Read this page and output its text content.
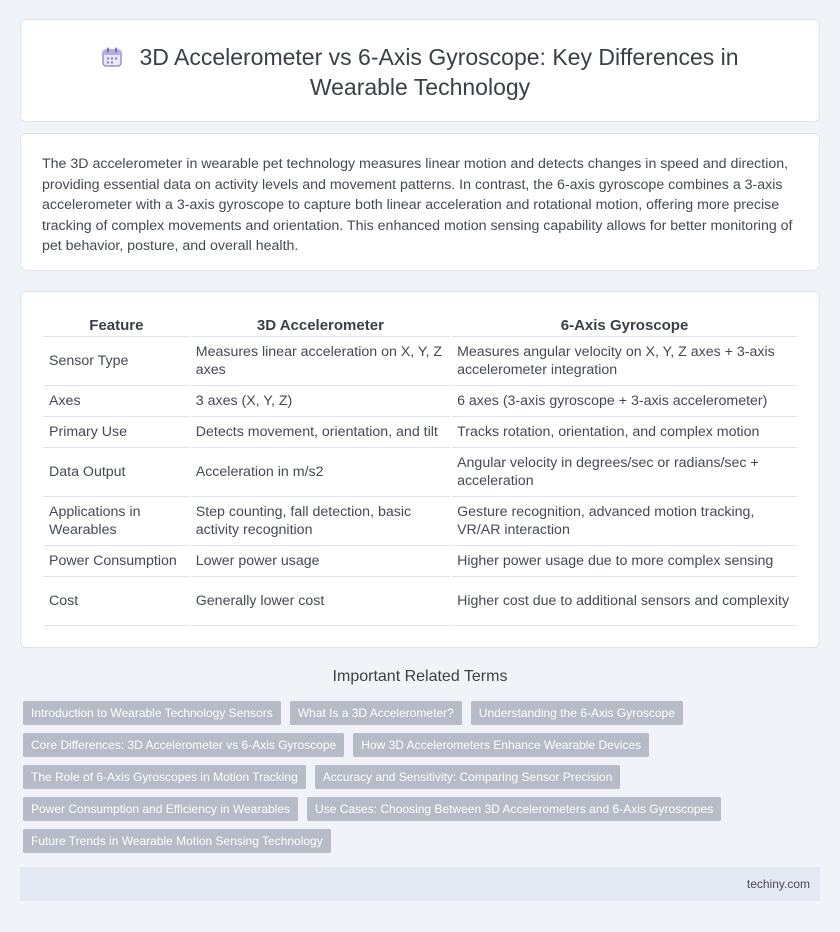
3D Accelerometer vs 6-Axis Gyroscope: Key Differences in Wearable Technology

The 3D accelerometer in wearable pet technology measures linear motion and detects changes in speed and direction, providing essential data on activity levels and movement patterns. In contrast, the 6-axis gyroscope combines a 3-axis accelerometer with a 3-axis gyroscope to capture both linear acceleration and rotational motion, offering more precise tracking of complex movements and orientation. This enhanced motion sensing capability allows for better monitoring of pet behavior, posture, and overall health.

Feature	3D Accelerometer	6-Axis Gyroscope
Sensor Type	Measures linear acceleration on X, Y, Z axes	Measures angular velocity on X, Y, Z axes + 3-axis accelerometer integration
Axes	3 axes (X, Y, Z)	6 axes (3-axis gyroscope + 3-axis accelerometer)
Primary Use	Detects movement, orientation, and tilt	Tracks rotation, orientation, and complex motion
Data Output	Acceleration in m/s2	Angular velocity in degrees/sec or radians/sec + acceleration
Applications in Wearables	Step counting, fall detection, basic activity recognition	Gesture recognition, advanced motion tracking, VR/AR interaction
Power Consumption	Lower power usage	Higher power usage due to more complex sensing
Cost	Generally lower cost	Higher cost due to additional sensors and complexity
Important Related Terms
Introduction to Wearable Technology Sensors	What Is a 3D Accelerometer?	Understanding the 6-Axis Gyroscope
Core Differences: 3D Accelerometer vs 6-Axis Gyroscope	How 3D Accelerometers Enhance Wearable Devices
The Role of 6-Axis Gyroscopes in Motion Tracking	Accuracy and Sensitivity: Comparing Sensor Precision
Power Consumption and Efficiency in Wearables	Use Cases: Choosing Between 3D Accelerometers and 6-Axis Gyroscopes
Future Trends in Wearable Motion Sensing Technology
techiny.com
